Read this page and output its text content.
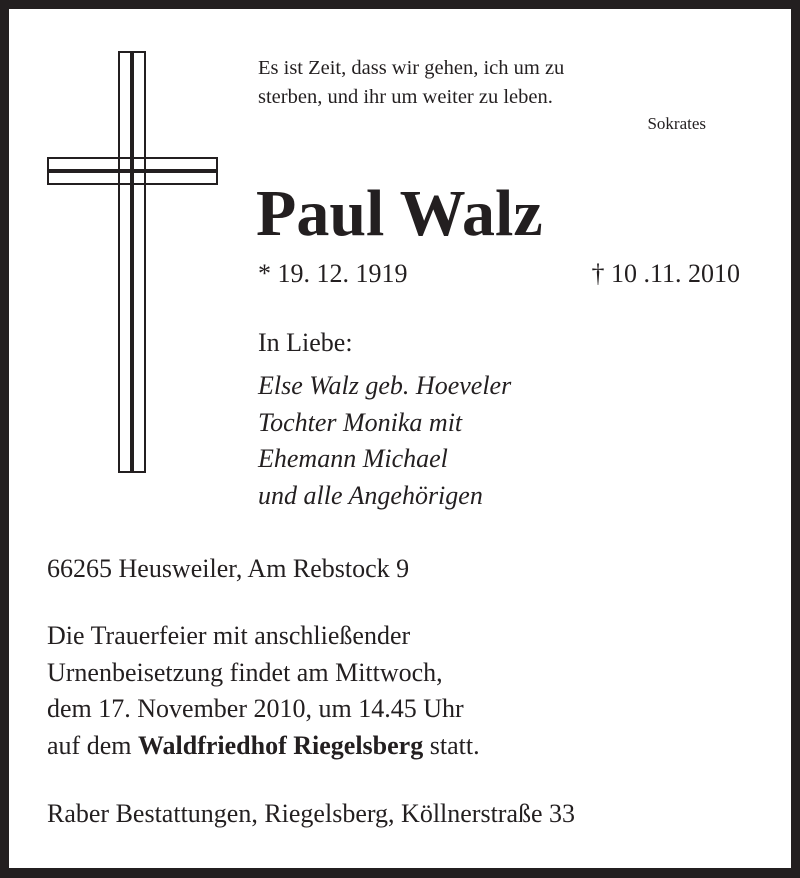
Es ist Zeit, dass wir gehen, ich um zu
sterben, und ihr um weiter zu leben.
Sokrates
Paul Walz
* 19. 12. 1919	† 10 .11. 2010
In Liebe:
Else Walz geb. Hoeveler
Tochter Monika mit
Ehemann Michael
und alle Angehörigen
66265 Heusweiler, Am Rebstock 9
Die Trauerfeier mit anschließender
Urnenbeisetzung findet am Mittwoch,
dem 17. November 2010, um 14.45 Uhr
auf dem Waldfriedhof Riegelsberg statt.
Raber Bestattungen, Riegelsberg, Köllnerstraße 33
